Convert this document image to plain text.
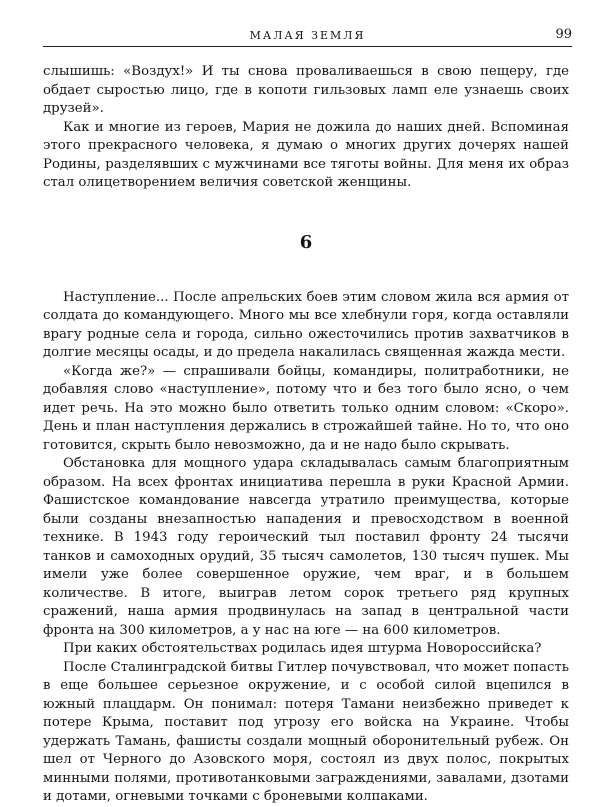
МАЛАЯ ЗЕМЛЯ	99

слышишь: «Воздух!» И ты снова проваливаешься в свою пещеру, где обдает сыростью лицо, где в копоти гильзовых ламп еле узнаешь своих друзей».

Как и многие из героев, Мария не дожила до наших дней. Вспоминая этого прекрасного человека, я думаю о многих других дочерях нашей Родины, разделявших с мужчинами все тяготы войны. Для меня их образ стал олицетворением величия советской женщины.

6

Наступление... После апрельских боев этим словом жила вся армия от солдата до командующего. Много мы все хлебнули горя, когда оставляли врагу родные села и города, сильно ожесточились против захватчиков в долгие месяцы осады, и до предела накалилась священная жажда мести.

«Когда же?» — спрашивали бойцы, командиры, политработники, не добавляя слово «наступление», потому что и без того было ясно, о чем идет речь. На это можно было ответить только одним словом: «Скоро». День и план наступления держались в строжайшей тайне. Но то, что оно готовится, скрыть было невозможно, да и не надо было скрывать.

Обстановка для мощного удара складывалась самым благоприятным образом. На всех фронтах инициатива перешла в руки Красной Армии. Фашистское командование навсегда утратило преимущества, которые были созданы внезапностью нападения и превосходством в военной технике. В 1943 году героический тыл поставил фронту 24 тысячи танков и самоходных орудий, 35 тысяч самолетов, 130 тысяч пушек. Мы имели уже более совершенное оружие, чем враг, и в большем количестве. В итоге, выиграв летом сорок третьего ряд крупных сражений, наша армия продвинулась на запад в центральной части фронта на 300 километров, а у нас на юге — на 600 километров.

При каких обстоятельствах родилась идея штурма Новороссийска?

После Сталинградской битвы Гитлер почувствовал, что может попасть в еще большее серьезное окружение, и с особой силой вцепился в южный плацдарм. Он понимал: потеря Тамани неизбежно приведет к потере Крыма, поставит под угрозу его войска на Украине. Чтобы удержать Тамань, фашисты создали мощный оборонительный рубеж. Он шел от Черного до Азовского моря, состоял из двух полос, покрытых минными полями, противотанковыми заграждениями, завалами, дзотами и дотами, огневыми точками с броневыми колпаками.
